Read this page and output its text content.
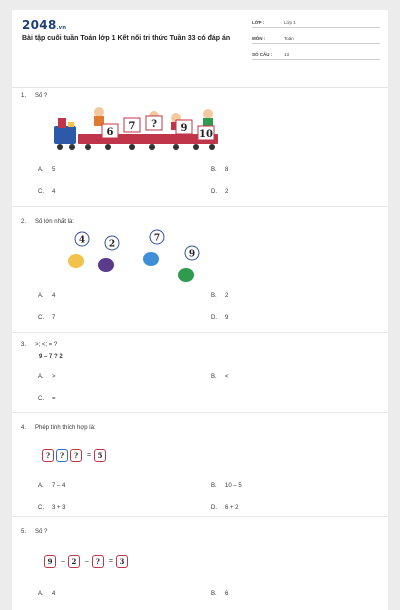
2048.vn
Bài tập cuối tuần Toán lớp 1 Kết nối tri thức Tuần 33 có đáp án
LỚP :	Lớp 1
MÔN :	Toán
SỐ CÂU :	13
1. Số ?
6
7 ? 9
10
A. 5	B. 8
C. 4	D. 2
2. Số lớn nhất là:
4	2
7
9
A. 4	B. 2
C. 7	D. 9
3. >; <; = ?
9 – 7 ? 2
A. >	B. <
C. =
4. Phép tính thích hợp là:
?	?	?	= 5
A. 7 – 4	B. 10 – 5
C. 3 + 3	D. 6 + 2
5. Số ?
9	– 2	– ?	= 3
A. 4	B. 6
